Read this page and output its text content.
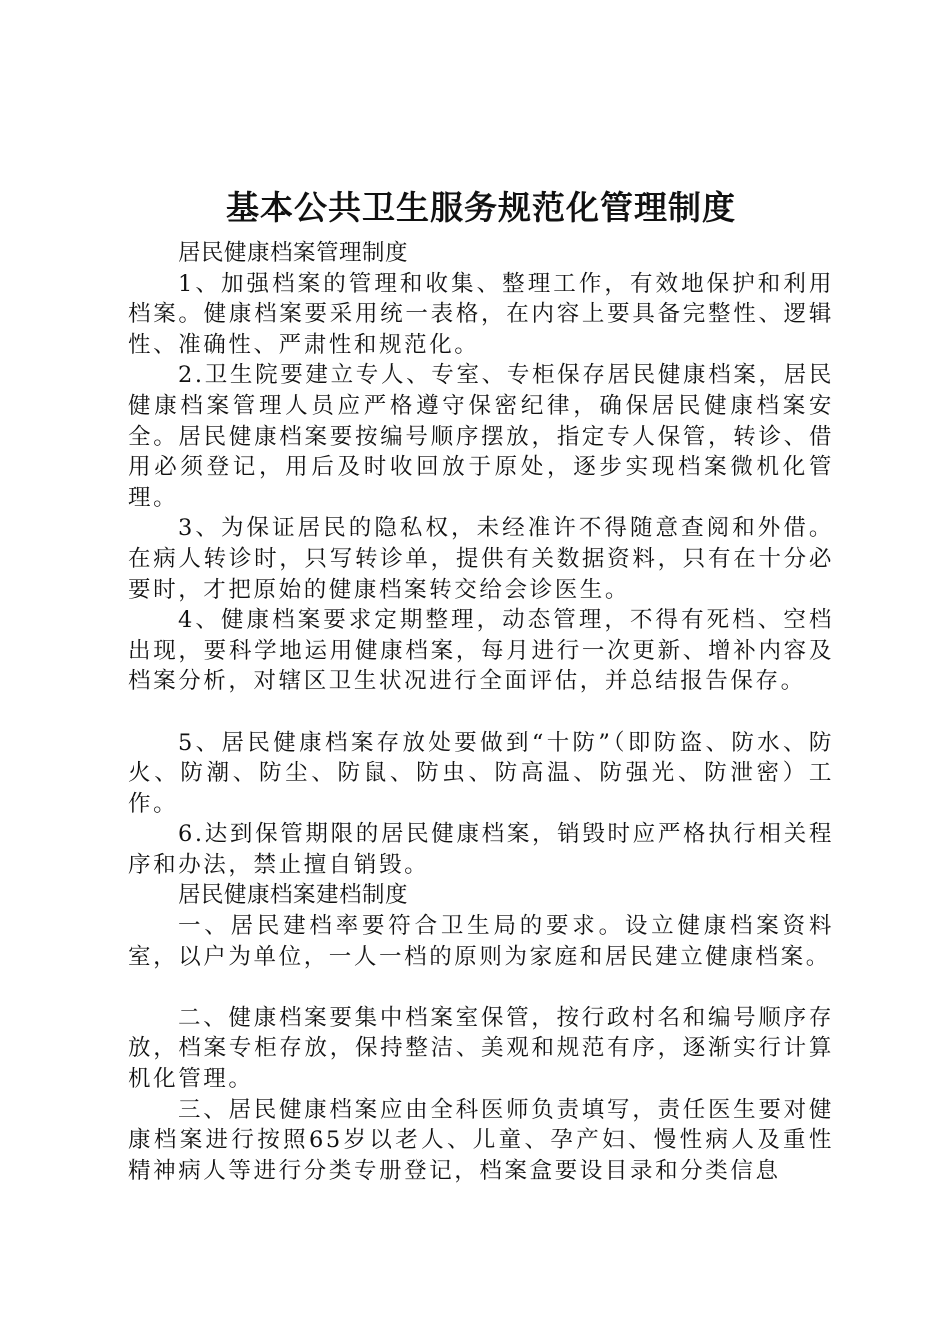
基本公共卫生服务规范化管理制度

居民健康档案管理制度

1、加强档案的管理和收集、整理工作，有效地保护和利用档案。健康档案要采用统一表格，在内容上要具备完整性、逻辑性、准确性、严肃性和规范化。

2.卫生院要建立专人、专室、专柜保存居民健康档案，居民健康档案管理人员应严格遵守保密纪律，确保居民健康档案安全。居民健康档案要按编号顺序摆放，指定专人保管，转诊、借用必须登记，用后及时收回放于原处，逐步实现档案微机化管理。

3、为保证居民的隐私权，未经准许不得随意查阅和外借。在病人转诊时，只写转诊单，提供有关数据资料，只有在十分必要时，才把原始的健康档案转交给会诊医生。

4、健康档案要求定期整理，动态管理，不得有死档、空档出现，要科学地运用健康档案，每月进行一次更新、增补内容及档案分析，对辖区卫生状况进行全面评估，并总结报告保存。

5、居民健康档案存放处要做到“十防”（即防盗、防水、防火、防潮、防尘、防鼠、防虫、防高温、防强光、防泄密）工作。

6.达到保管期限的居民健康档案，销毁时应严格执行相关程序和办法，禁止擅自销毁。

居民健康档案建档制度

一、居民建档率要符合卫生局的要求。设立健康档案资料室，以户为单位，一人一档的原则为家庭和居民建立健康档案。

二、健康档案要集中档案室保管，按行政村名和编号顺序存放，档案专柜存放，保持整洁、美观和规范有序，逐渐实行计算机化管理。

三、居民健康档案应由全科医师负责填写，责任医生要对健康档案进行按照65岁以老人、儿童、孕产妇、慢性病人及重性精神病人等进行分类专册登记，档案盒要设目录和分类信息
